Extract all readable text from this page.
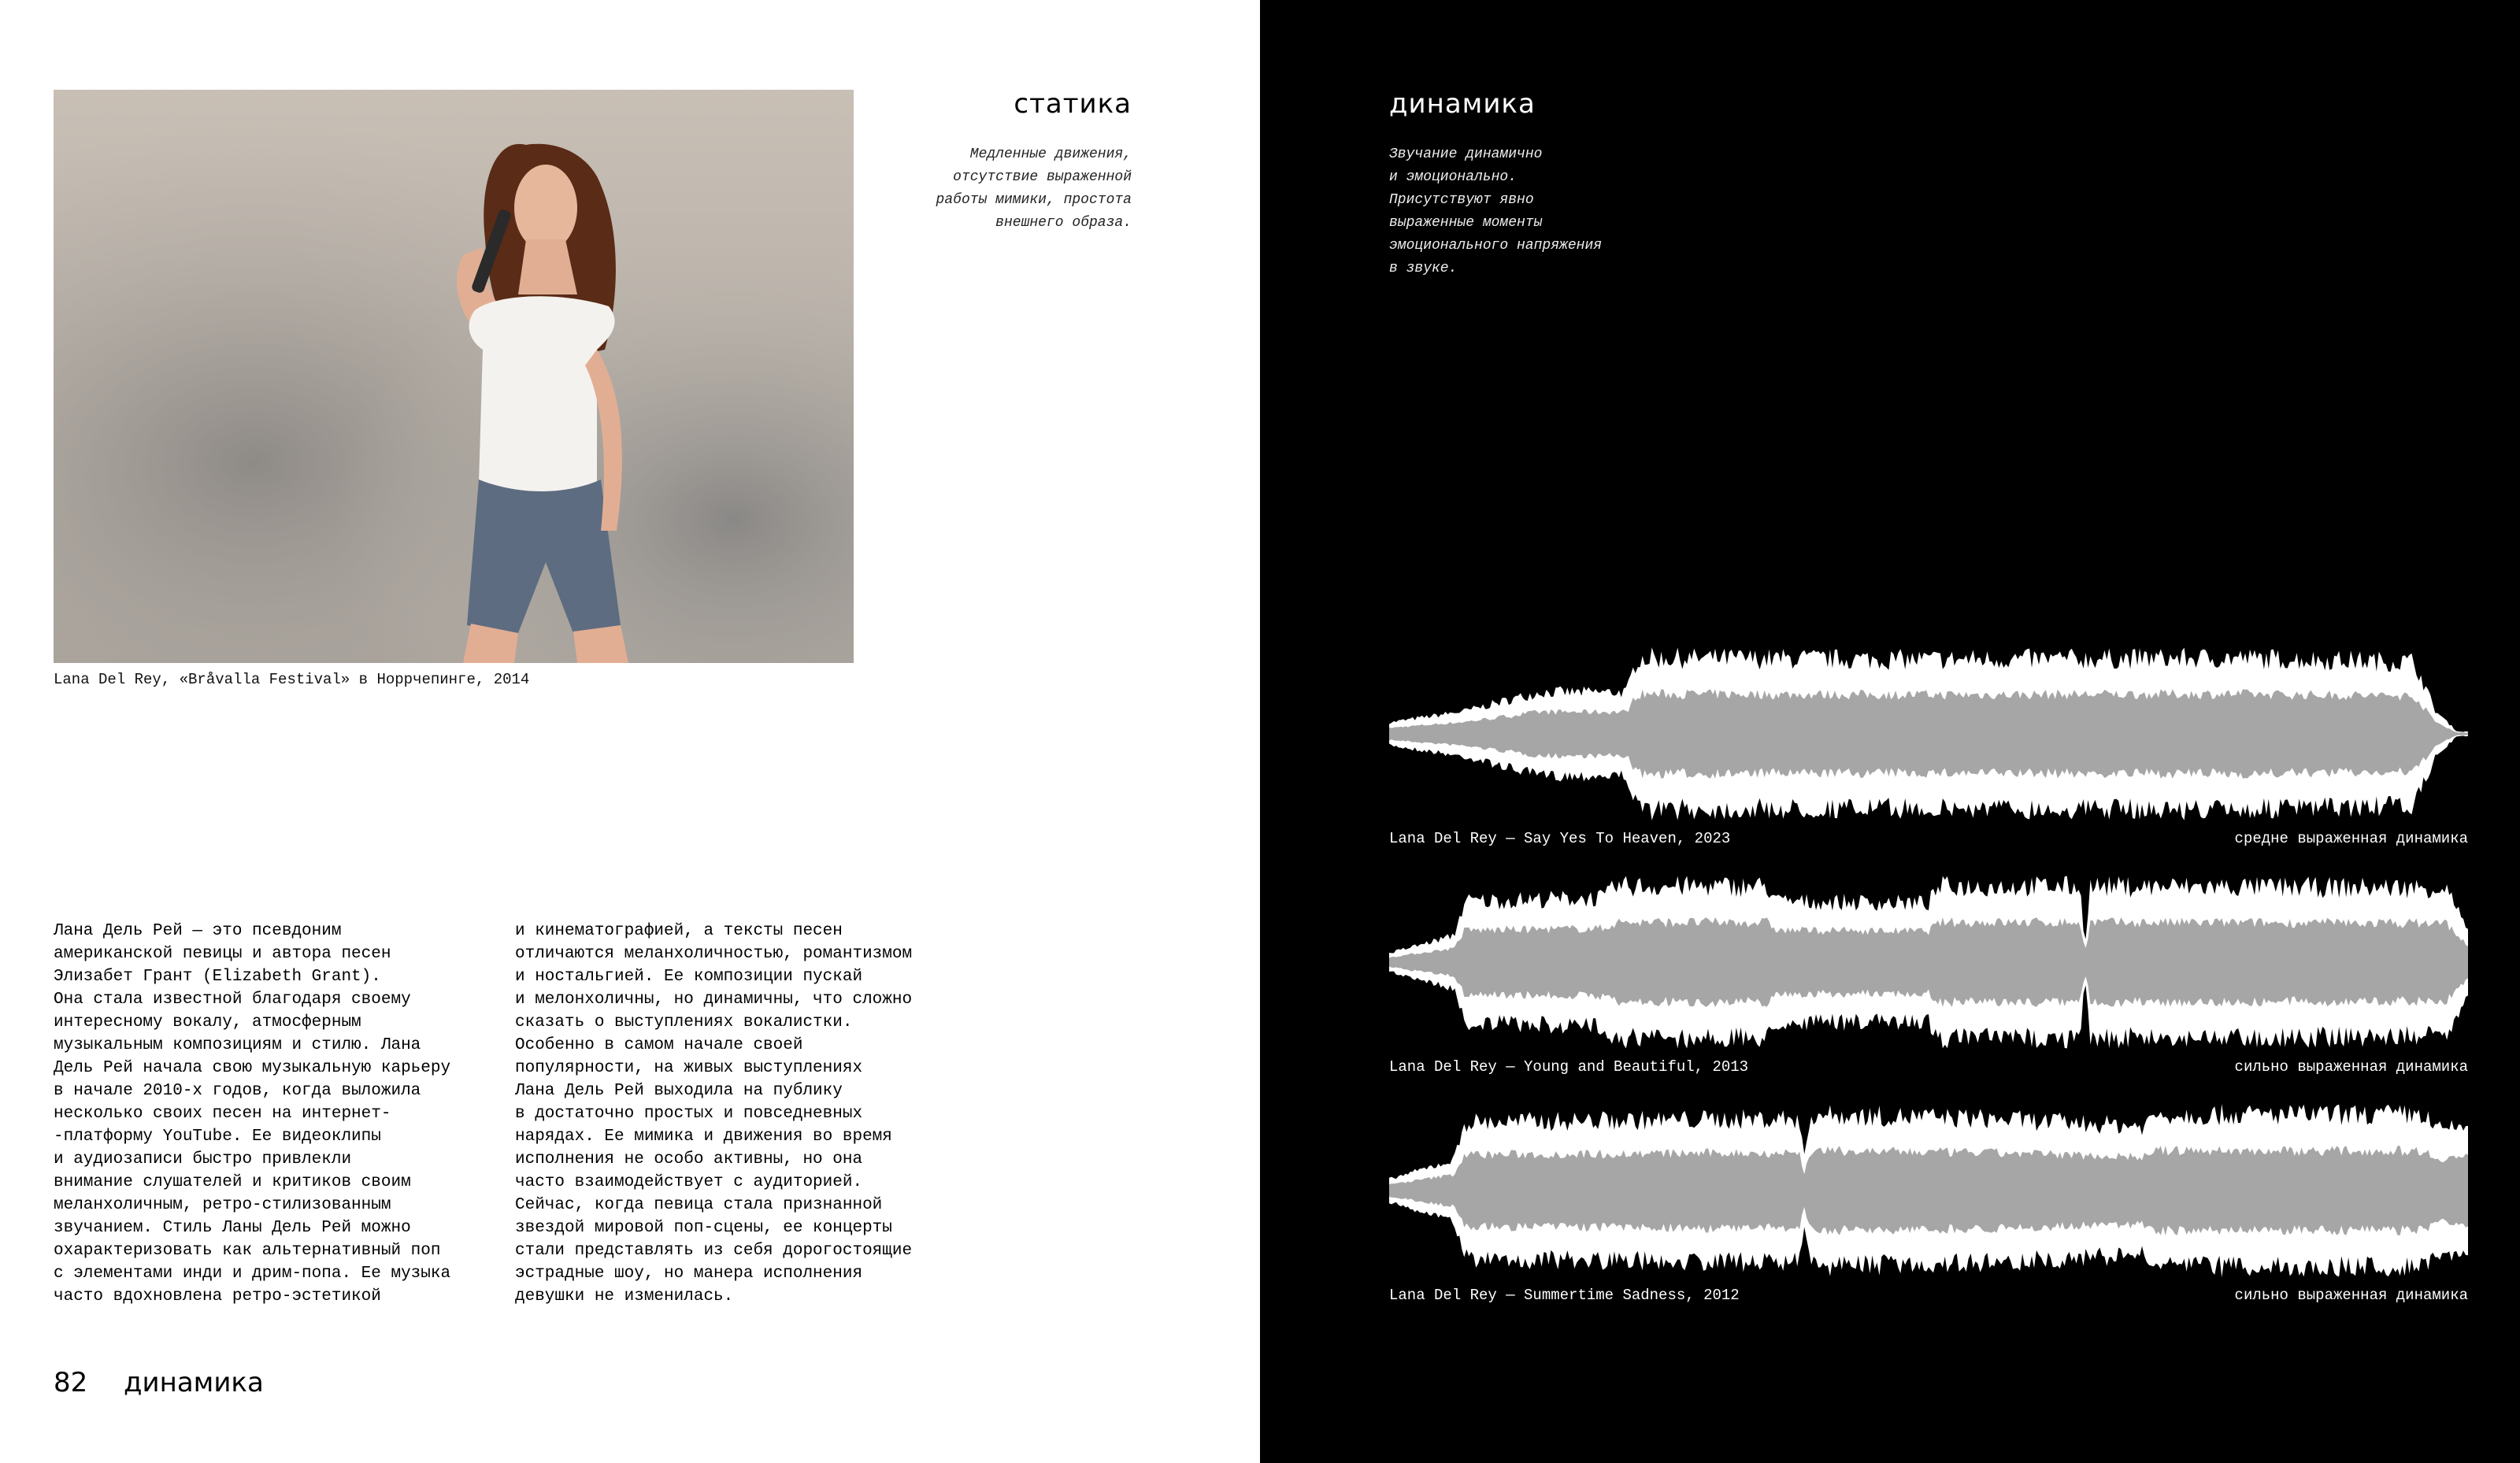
Lana Del Rey, «Bråvalla Festival» в Норрчепинге, 2014
статика
Медленные движения,
отсутствие выраженной
работы мимики, простота
внешнего образа.

Лана Дель Рей — это псевдоним

американской певицы и автора песен

Элизабет Грант (Elizabeth Grant).

Она стала известной благодаря своему

интересному вокалу, атмосферным

музыкальным композициям и стилю. Лана

Дель Рей начала свою музыкальную карьеру

в начале 2010-х годов, когда выложила

несколько своих песен на интернет-

-платформу YouTube. Ее видеоклипы

и аудиозаписи быстро привлекли

внимание слушателей и критиков своим

меланхоличным, ретро-стилизованным

звучанием. Стиль Ланы Дель Рей можно

охарактеризовать как альтернативный поп

с элементами инди и дрим-попа. Ее музыка

часто вдохновлена ретро-эстетикой

и кинематографией, а тексты песен

отличаются меланхоличностью, романтизмом

и ностальгией. Ее композиции пускай

и мелонхоличны, но динамичны, что сложно

сказать о выступлениях вокалистки.

Особенно в самом начале своей

популярности, на живых выступлениях

Лана Дель Рей выходила на публику

в достаточно простых и повседневных

нарядах. Ее мимика и движения во время

исполнения не особо активны, но она

часто взаимодействует с аудиторией.

Сейчас, когда певица стала признанной

звездой мировой поп-сцены, ее концерты

стали представлять из себя дорогостоящие

эстрадные шоу, но манера исполнения

девушки не изменилась.

82 динамика
динамика
Звучание динамично
и эмоционально.
Присутствуют явно
выраженные моменты
эмоционального напряжения
в звуке.
Lana Del Rey — Say Yes To Heaven, 2023	средне выраженная динамика
Lana Del Rey — Young and Beautiful, 2013	сильно выраженная динамика
Lana Del Rey — Summertime Sadness, 2012	сильно выраженная динамика
